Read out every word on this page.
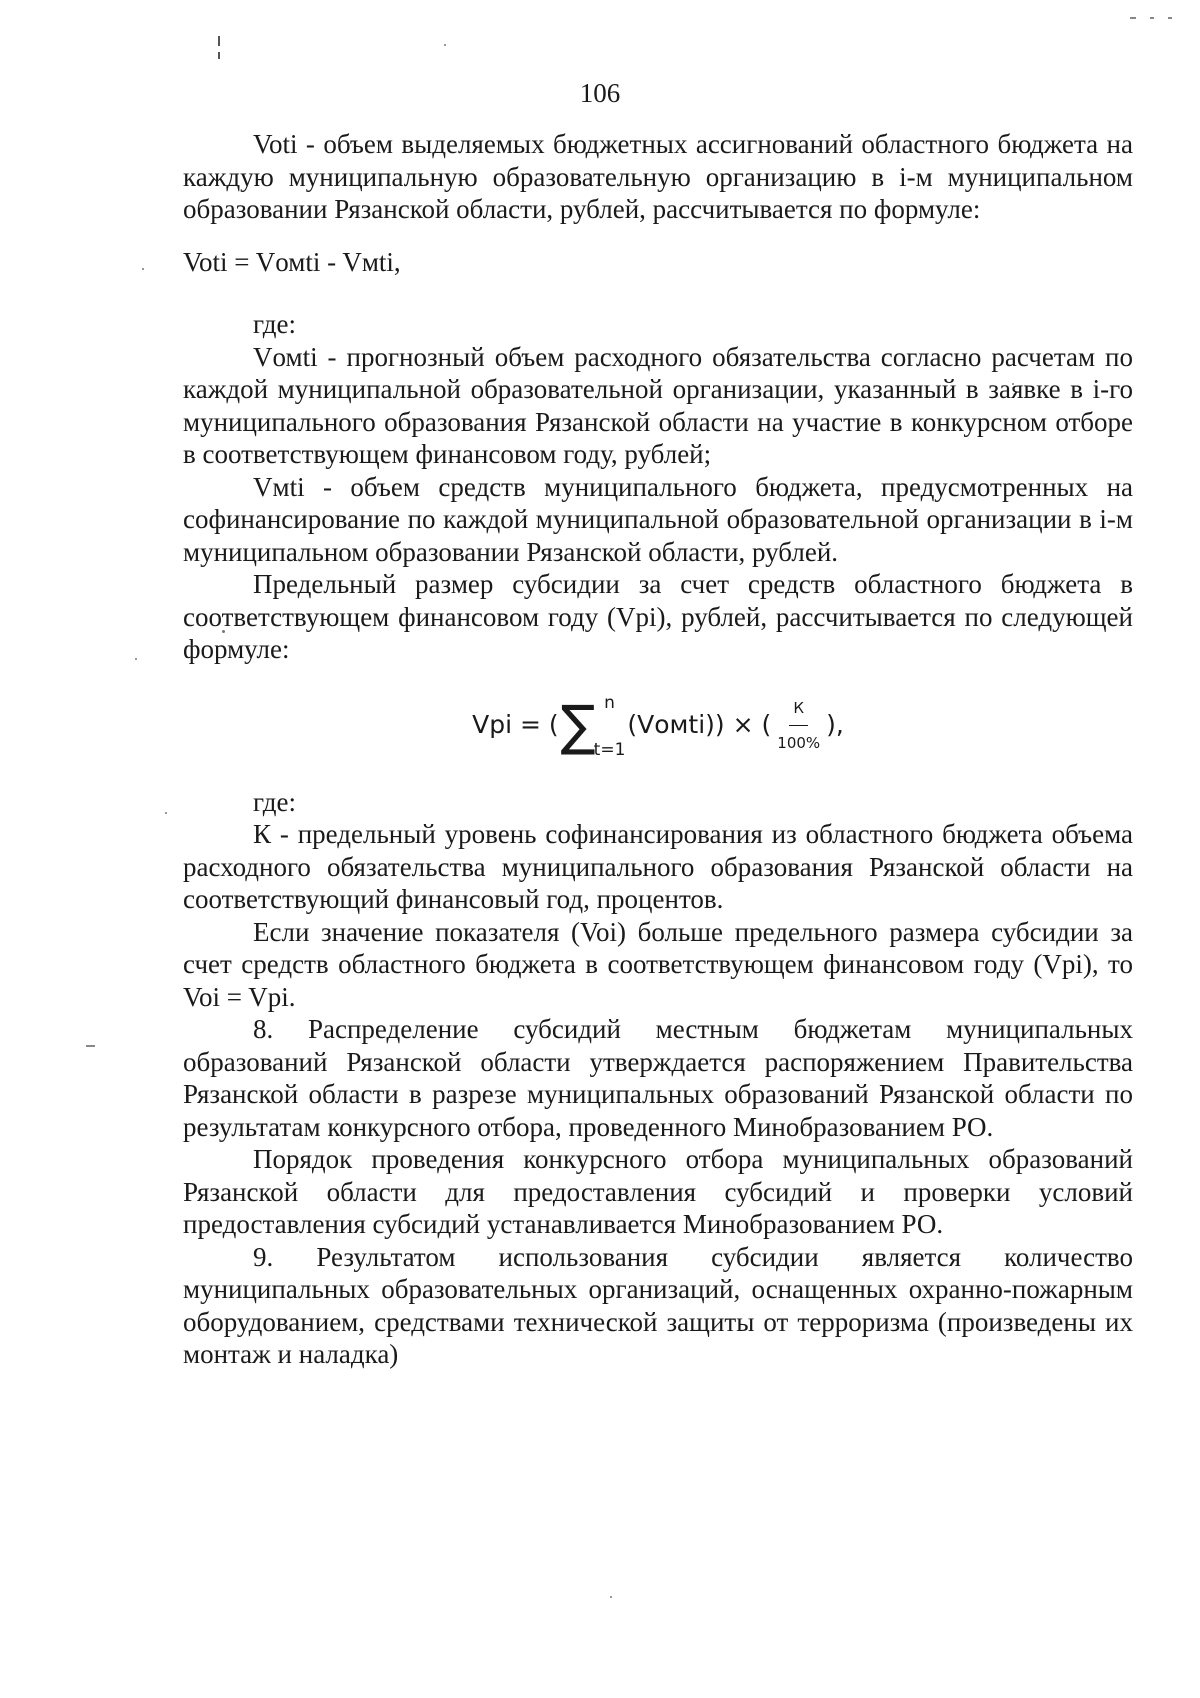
106

Voti - объем выделяемых бюджетных ассигнований областного бюджета на каждую муниципальную образовательную организацию в i-м муниципальном образовании Рязанской области, рублей, рассчитывается по формуле:

Voti = Vомti - Vмti,

где:

Vомti - прогнозный объем расходного обязательства согласно расчетам по каждой муниципальной образовательной организации, указанный в заявке в i-го муниципального образования Рязанской области на участие в конкурсном отборе в соответствующем финансовом году, рублей;

Vмti - объем средств муниципального бюджета, предусмотренных на софинансирование по каждой муниципальной образовательной организации в i-м муниципальном образовании Рязанской области, рублей.

Предельный размер субсидии за счет средств областного бюджета в соответствующем финансовом году (Vpi), рублей, рассчитывается по следующей формуле:

Vpi = ( ∑ n
t=1
(Vомti)) × ( $\frac{К}{100\%}$ ),

где:

К - предельный уровень софинансирования из областного бюджета объема расходного обязательства муниципального образования Рязанской области на соответствующий финансовый год, процентов.

Если значение показателя (Voi) больше предельного размера субсидии за счет средств областного бюджета в соответствующем финансовом году (Vpi), то Voi = Vpi.

8. Распределение субсидий местным бюджетам муниципальных образований Рязанской области утверждается распоряжением Правительства Рязанской области в разрезе муниципальных образований Рязанской области по результатам конкурсного отбора, проведенного Минобразованием РО.

Порядок проведения конкурсного отбора муниципальных образований Рязанской области для предоставления субсидий и проверки условий предоставления субсидий устанавливается Минобразованием РО.

9. Результатом использования субсидии является количество муниципальных образовательных организаций, оснащенных охранно-пожарным оборудованием, средствами технической защиты от терроризма (произведены их монтаж и наладка)
